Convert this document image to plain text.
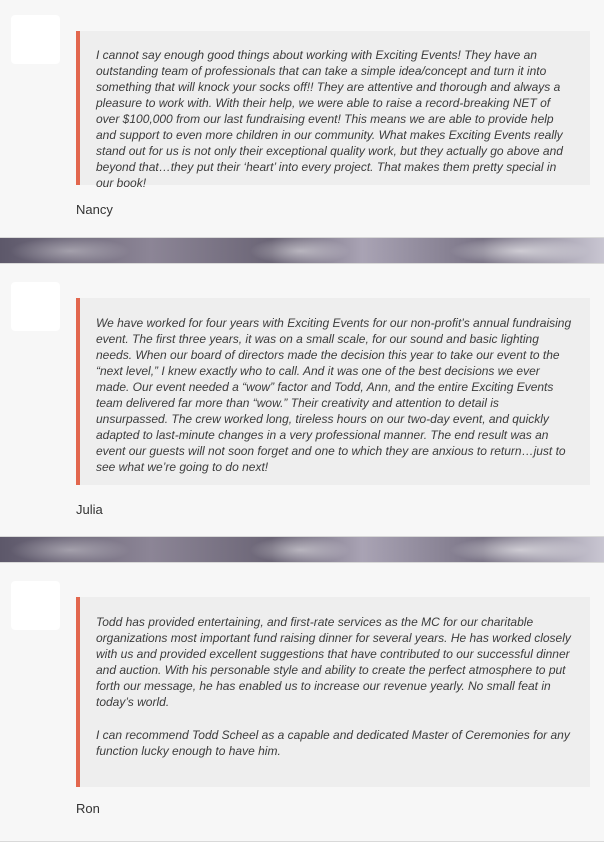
I cannot say enough good things about working with Exciting Events! They have an outstanding team of professionals that can take a simple idea/concept and turn it into something that will knock your socks off!! They are attentive and thorough and always a pleasure to work with. With their help, we were able to raise a record-breaking NET of over $100,000 from our last fundraising event! This means we are able to provide help and support to even more children in our community. What makes Exciting Events really stand out for us is not only their exceptional quality work, but they actually go above and beyond that…they put their ‘heart’ into every project. That makes them pretty special in our book!

Nancy

We have worked for four years with Exciting Events for our non-profit’s annual fundraising event. The first three years, it was on a small scale, for our sound and basic lighting needs. When our board of directors made the decision this year to take our event to the “next level,” I knew exactly who to call. And it was one of the best decisions we ever made. Our event needed a “wow” factor and Todd, Ann, and the entire Exciting Events team delivered far more than “wow.” Their creativity and attention to detail is unsurpassed. The crew worked long, tireless hours on our two-day event, and quickly adapted to last-minute changes in a very professional manner. The end result was an event our guests will not soon forget and one to which they are anxious to return…just to see what we’re going to do next!

Julia

Todd has provided entertaining, and first-rate services as the MC for our charitable organizations most important fund raising dinner for several years. He has worked closely with us and provided excellent suggestions that have contributed to our successful dinner and auction. With his personable style and ability to create the perfect atmosphere to put forth our message, he has enabled us to increase our revenue yearly. No small feat in today’s world.

I can recommend Todd Scheel as a capable and dedicated Master of Ceremonies for any function lucky enough to have him.

Ron
